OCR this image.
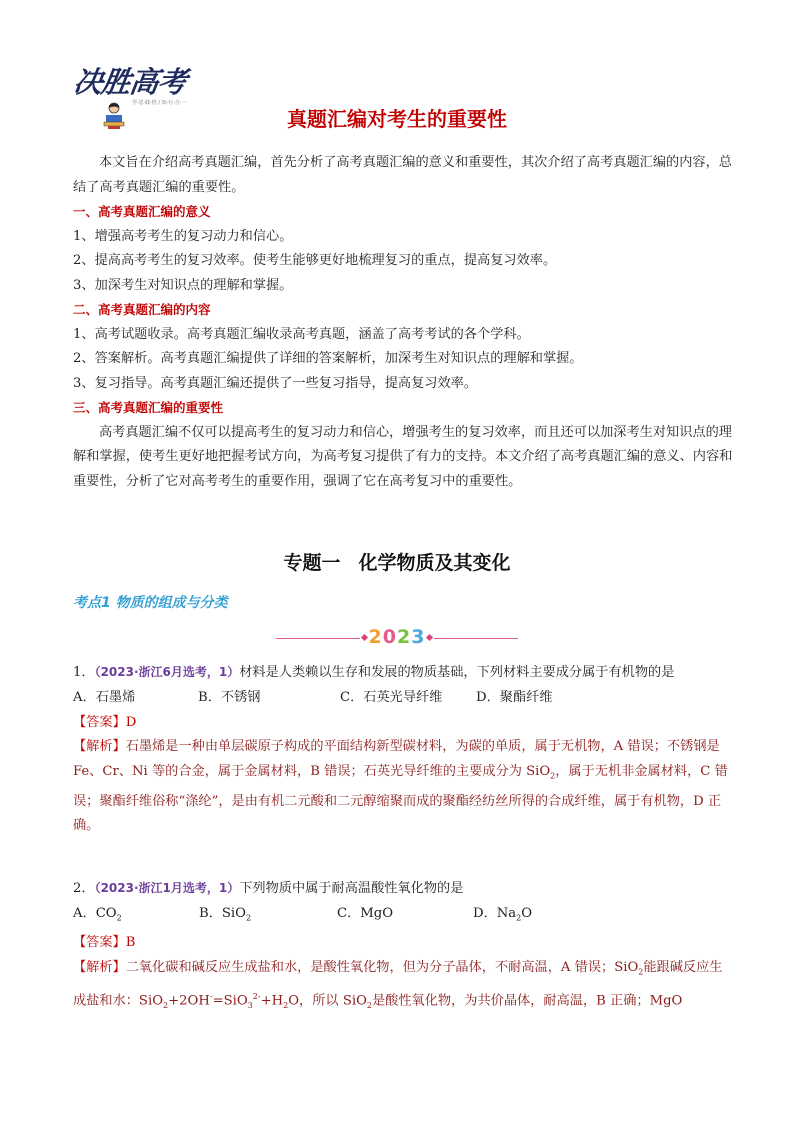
决胜高考
学·思·践·悟 / 知·行·合·一
真题汇编对考生的重要性

本文旨在介绍高考真题汇编，首先分析了高考真题汇编的意义和重要性，其次介绍了高考真题汇编的内容，总结了高考真题汇编的重要性。

一、高考真题汇编的意义

1、增强高考考生的复习动力和信心。

2、提高高考考生的复习效率。使考生能够更好地梳理复习的重点，提高复习效率。

3、加深考生对知识点的理解和掌握。

二、高考真题汇编的内容

1、高考试题收录。高考真题汇编收录高考真题，涵盖了高考考试的各个学科。

2、答案解析。高考真题汇编提供了详细的答案解析，加深考生对知识点的理解和掌握。

3、复习指导。高考真题汇编还提供了一些复习指导，提高复习效率。

三、高考真题汇编的重要性

高考真题汇编不仅可以提高考生的复习动力和信心，增强考生的复习效率，而且还可以加深考生对知识点的理解和掌握，使考生更好地把握考试方向，为高考复习提供了有力的支持。本文介绍了高考真题汇编的意义、内容和重要性，分析了它对高考考生的重要作用，强调了它在高考复习中的重要性。

专题一 化学物质及其变化
考点1 物质的组成与分类
2023

1．（2023·浙江6月选考，1）材料是人类赖以生存和发展的物质基础，下列材料主要成分属于有机物的是

A．石墨烯	B．不锈钢	C．石英光导纤维	D．聚酯纤维

【答案】D

【解析】石墨烯是一种由单层碳原子构成的平面结构新型碳材料，为碳的单质，属于无机物，A 错误；不锈钢是 Fe、Cr、Ni 等的合金，属于金属材料，B 错误；石英光导纤维的主要成分为 SiO$_2$，属于无机非金属材料，C 错误；聚酯纤维俗称“涤纶”，是由有机二元酸和二元醇缩聚而成的聚酯经纺丝所得的合成纤维，属于有机物，D 正确。

2．（2023·浙江1月选考，1）下列物质中属于耐高温酸性氧化物的是

A．$CO_2$	B．SiO$_2$	C．MgO	D．$Na_2O$

【答案】B

【解析】二氧化碳和碱反应生成盐和水，是酸性氧化物，但为分子晶体，不耐高温，A 错误；SiO$_2$能跟碱反应生成盐和水：$SiO_2+2OH^-=SiO_3^{2-}+H_2O$，所以 SiO$_2$是酸性氧化物，为共价晶体，耐高温，B 正确；MgO
